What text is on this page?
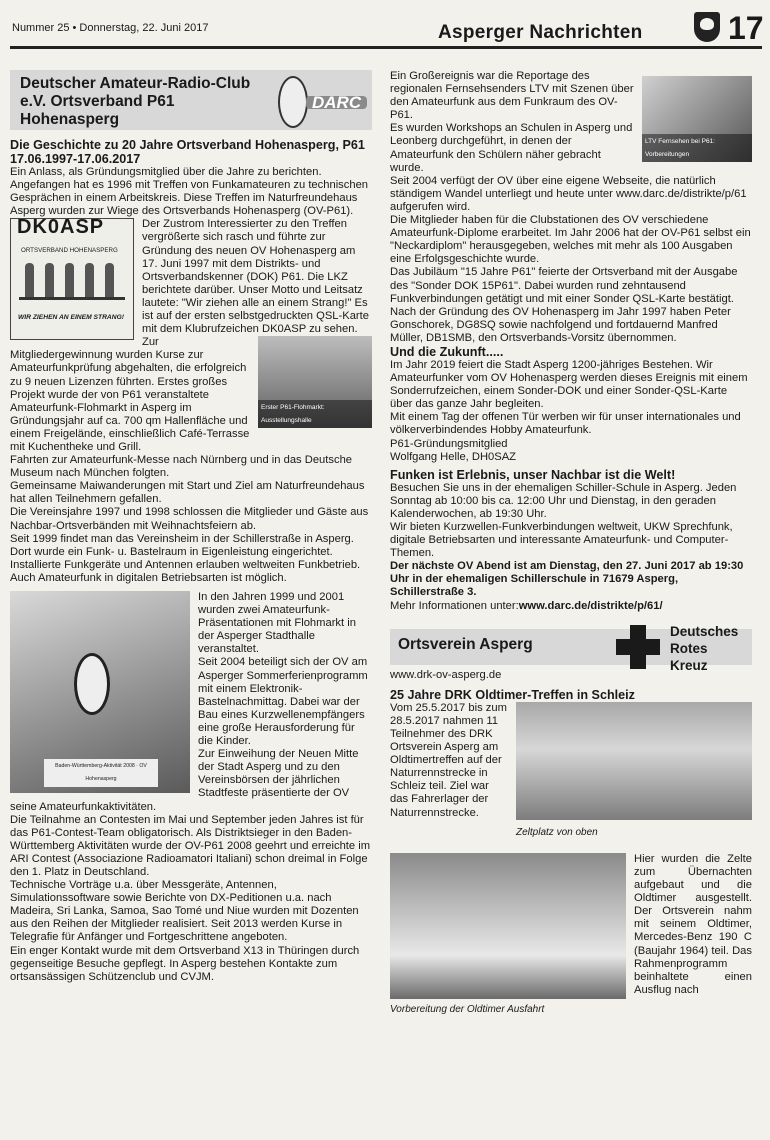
Nummer 25 • Donnerstag, 22. Juni 2017	Asperger Nachrichten	17
Deutscher Amateur-Radio-Club e.V. Ortsverband P61 Hohenasperg
DARC

Die Geschichte zu 20 Jahre Ortsverband Hohenasperg, P61

17.06.1997-17.06.2017

Ein Anlass, als Gründungsmitglied über die Jahre zu berichten. Angefangen hat es 1996 mit Treffen von Funkamateuren zu technischen Gesprächen in einem Arbeitskreis. Diese Treffen im Naturfreundehaus Asperg wurden zur Wiege des Ortsverbands Hohenasperg (OV-P61).

DK0ASP
ORTSVERBAND HOHENASPERG
WIR ZIEHEN AN EINEM STRANG!

Der Zustrom Interessierter zu den Treffen vergrößerte sich rasch und führte zur Gründung des neuen OV Hohenasperg am 17. Juni 1997 mit dem Distrikts- und Ortsverbandskenner (DOK) P61. Die LKZ berichtete darüber. Unser Motto und Leitsatz lautete: "Wir ziehen alle an einem Strang!" Es ist auf der ersten selbstgedruckten QSL-Karte mit dem Klubrufzeichen DK0ASP zu sehen.

Erster P61-Flohmarkt: Ausstellungshalle

Zur Mitgliedergewinnung wurden Kurse zur Amateurfunkprüfung abgehalten, die erfolgreich zu 9 neuen Lizenzen führten. Erstes großes Projekt wurde der von P61 veranstaltete Amateurfunk-Flohmarkt in Asperg im Gründungsjahr auf ca. 700 qm Hallenfläche und einem Freigelände, einschließlich Café-Terrasse mit Kuchentheke und Grill.

Fahrten zur Amateurfunk-Messe nach Nürnberg und in das Deutsche Museum nach München folgten.

Gemeinsame Maiwanderungen mit Start und Ziel am Naturfreundehaus hat allen Teilnehmern gefallen.

Die Vereinsjahre 1997 und 1998 schlossen die Mitglieder und Gäste aus Nachbar-Ortsverbänden mit Weihnachtsfeiern ab.

Seit 1999 findet man das Vereinsheim in der Schillerstraße in Asperg. Dort wurde ein Funk- u. Bastelraum in Eigenleistung eingerichtet. Installierte Funkgeräte und Antennen erlauben weltweiten Funkbetrieb. Auch Amateurfunk in digitalen Betriebsarten ist möglich.

Baden-Württemberg-Aktivität 2008 · OV Hohenasperg

In den Jahren 1999 und 2001 wurden zwei Amateurfunk-Präsentationen mit Flohmarkt in der Asperger Stadthalle veranstaltet.

Seit 2004 beteiligt sich der OV am Asperger Sommerferienprogramm mit einem Elektronik-Bastelnachmittag. Dabei war der Bau eines Kurzwellenempfängers eine große Herausforderung für die Kinder.

Zur Einweihung der Neuen Mitte der Stadt Asperg und zu den Vereinsbörsen der jährlichen Stadtfeste präsentierte der OV seine Amateurfunkaktivitäten.

Die Teilnahme an Contesten im Mai und September jeden Jahres ist für das P61-Contest-Team obligatorisch. Als Distriktsieger in den Baden-Württemberg Aktivitäten wurde der OV-P61 2008 geehrt und erreichte im ARI Contest (Associazione Radioamatori Italiani) schon dreimal in Folge den 1. Platz in Deutschland.

Technische Vorträge u.a. über Messgeräte, Antennen, Simulationssoftware sowie Berichte von DX-Peditionen u.a. nach Madeira, Sri Lanka, Samoa, Sao Tomé und Niue wurden mit Dozenten aus den Reihen der Mitglieder realisiert. Seit 2013 werden Kurse in Telegrafie für Anfänger und Fortgeschrittene angeboten.

Ein enger Kontakt wurde mit dem Ortsverband X13 in Thüringen durch gegenseitige Besuche gepflegt. In Asperg bestehen Kontakte zum ortsansässigen Schützenclub und CVJM.

LTV Fernsehen bei P61: Vorbereitungen

Ein Großereignis war die Reportage des regionalen Fernsehsenders LTV mit Szenen über den Amateurfunk aus dem Funkraum des OV-P61.

Es wurden Workshops an Schulen in Asperg und Leonberg durchgeführt, in denen der Amateurfunk den Schülern näher gebracht wurde.

Seit 2004 verfügt der OV über eine eigene Webseite, die natürlich ständigem Wandel unterliegt und heute unter www.darc.de/distrikte/p/61 aufgerufen wird.

Die Mitglieder haben für die Clubstationen des OV verschiedene Amateurfunk-Diplome erarbeitet. Im Jahr 2006 hat der OV-P61 selbst ein "Neckardiplom" herausgegeben, welches mit mehr als 100 Ausgaben eine Erfolgsgeschichte wurde.

Das Jubiläum "15 Jahre P61" feierte der Ortsverband mit der Ausgabe des "Sonder DOK 15P61". Dabei wurden rund zehntausend Funkverbindungen getätigt und mit einer Sonder QSL-Karte bestätigt.

Nach der Gründung des OV Hohenasperg im Jahr 1997 haben Peter Gonschorek, DG8SQ sowie nachfolgend und fortdauernd Manfred Müller, DB1SMB, den Ortsverbands-Vorsitz übernommen.

Und die Zukunft.....

Im Jahr 2019 feiert die Stadt Asperg 1200-jähriges Bestehen. Wir Amateurfunker vom OV Hohenasperg werden dieses Ereignis mit einem Sonderrufzeichen, einem Sonder-DOK und einer Sonder-QSL-Karte über das ganze Jahr begleiten.

Mit einem Tag der offenen Tür werben wir für unser internationales und völkerverbindendes Hobby Amateurfunk.

P61-Gründungsmitglied

Wolfgang Helle, DH0SAZ

Funken ist Erlebnis, unser Nachbar ist die Welt!

Besuchen Sie uns in der ehemaligen Schiller-Schule in Asperg. Jeden Sonntag ab 10:00 bis ca. 12:00 Uhr und Dienstag, in den geraden Kalenderwochen, ab 19:30 Uhr.

Wir bieten Kurzwellen-Funkverbindungen weltweit, UKW Sprechfunk, digitale Betriebsarten und interessante Amateurfunk- und Computer-Themen.

Der nächste OV Abend ist am Dienstag, den 27. Juni 2017 ab 19:30 Uhr in der ehemaligen Schillerschule in 71679 Asperg, Schillerstraße 3.

Mehr Informationen unter:www.darc.de/distrikte/p/61/

Ortsverein Asperg
Deutsches
Rotes
Kreuz

www.drk-ov-asperg.de

25 Jahre DRK Oldtimer-Treffen in Schleiz

Zeltplatz von oben

Vom 25.5.2017 bis zum 28.5.2017 nahmen 11 Teilnehmer des DRK Ortsverein Asperg am Oldtimertreffen auf der Naturrennstrecke in Schleiz teil. Ziel war das Fahrerlager der Naturrennstrecke.

Vorbereitung der Oldtimer Ausfahrt

Hier wurden die Zelte zum Übernachten aufgebaut und die Oldtimer ausgestellt. Der Ortsverein nahm mit seinem Oldtimer, Mercedes-Benz 190 C (Baujahr 1964) teil. Das Rahmenprogramm beinhaltete einen Ausflug nach
